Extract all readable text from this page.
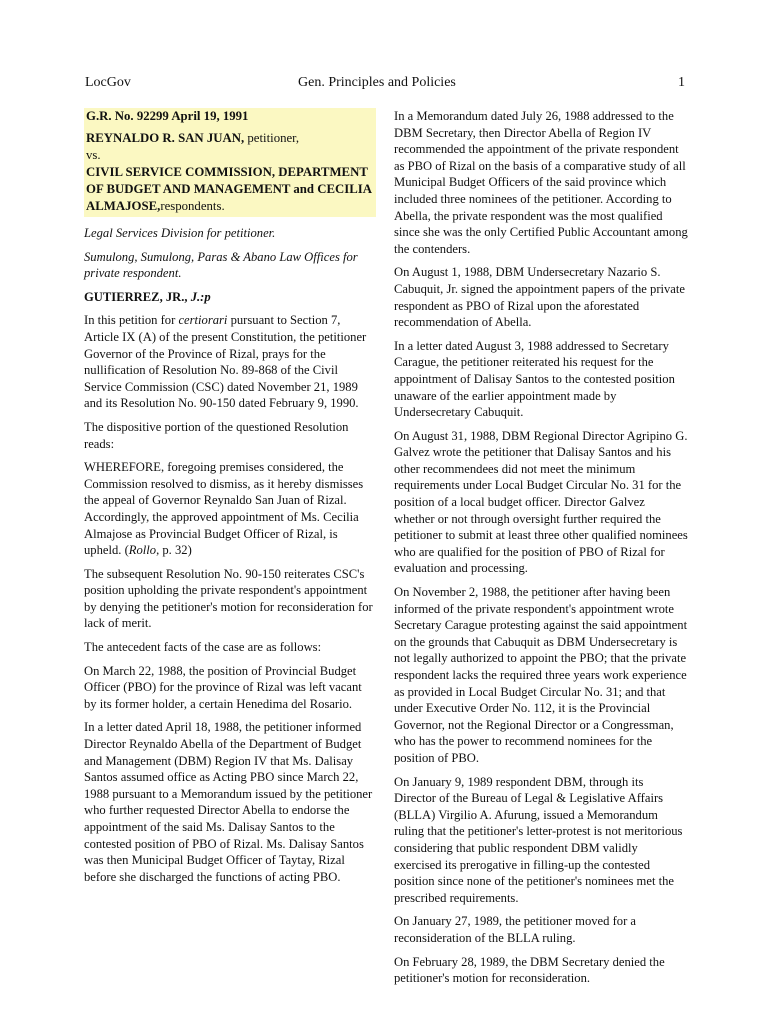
LocGov	Gen. Principles and Policies	1
G.R. No. 92299 April 19, 1991
REYNALDO R. SAN JUAN, petitioner,
vs.
CIVIL SERVICE COMMISSION, DEPARTMENT OF BUDGET AND MANAGEMENT and CECILIA ALMAJOSE,respondents.

Legal Services Division for petitioner.

Sumulong, Sumulong, Paras & Abano Law Offices for private respondent.

GUTIERREZ, JR., J.:p

In this petition for certiorari pursuant to Section 7, Article IX (A) of the present Constitution, the petitioner Governor of the Province of Rizal, prays for the nullification of Resolution No. 89-868 of the Civil Service Commission (CSC) dated November 21, 1989 and its Resolution No. 90-150 dated February 9, 1990.

The dispositive portion of the questioned Resolution reads:

WHEREFORE, foregoing premises considered, the Commission resolved to dismiss, as it hereby dismisses the appeal of Governor Reynaldo San Juan of Rizal. Accordingly, the approved appointment of Ms. Cecilia Almajose as Provincial Budget Officer of Rizal, is upheld. (Rollo, p. 32)

The subsequent Resolution No. 90-150 reiterates CSC's position upholding the private respondent's appointment by denying the petitioner's motion for reconsideration for lack of merit.

The antecedent facts of the case are as follows:

On March 22, 1988, the position of Provincial Budget Officer (PBO) for the province of Rizal was left vacant by its former holder, a certain Henedima del Rosario.

In a letter dated April 18, 1988, the petitioner informed Director Reynaldo Abella of the Department of Budget and Management (DBM) Region IV that Ms. Dalisay Santos assumed office as Acting PBO since March 22, 1988 pursuant to a Memorandum issued by the petitioner who further requested Director Abella to endorse the appointment of the said Ms. Dalisay Santos to the contested position of PBO of Rizal. Ms. Dalisay Santos was then Municipal Budget Officer of Taytay, Rizal before she discharged the functions of acting PBO.

In a Memorandum dated July 26, 1988 addressed to the DBM Secretary, then Director Abella of Region IV recommended the appointment of the private respondent as PBO of Rizal on the basis of a comparative study of all Municipal Budget Officers of the said province which included three nominees of the petitioner. According to Abella, the private respondent was the most qualified since she was the only Certified Public Accountant among the contenders.

On August 1, 1988, DBM Undersecretary Nazario S. Cabuquit, Jr. signed the appointment papers of the private respondent as PBO of Rizal upon the aforestated recommendation of Abella.

In a letter dated August 3, 1988 addressed to Secretary Carague, the petitioner reiterated his request for the appointment of Dalisay Santos to the contested position unaware of the earlier appointment made by Undersecretary Cabuquit.

On August 31, 1988, DBM Regional Director Agripino G. Galvez wrote the petitioner that Dalisay Santos and his other recommendees did not meet the minimum requirements under Local Budget Circular No. 31 for the position of a local budget officer. Director Galvez whether or not through oversight further required the petitioner to submit at least three other qualified nominees who are qualified for the position of PBO of Rizal for evaluation and processing.

On November 2, 1988, the petitioner after having been informed of the private respondent's appointment wrote Secretary Carague protesting against the said appointment on the grounds that Cabuquit as DBM Undersecretary is not legally authorized to appoint the PBO; that the private respondent lacks the required three years work experience as provided in Local Budget Circular No. 31; and that under Executive Order No. 112, it is the Provincial Governor, not the Regional Director or a Congressman, who has the power to recommend nominees for the position of PBO.

On January 9, 1989 respondent DBM, through its Director of the Bureau of Legal & Legislative Affairs (BLLA) Virgilio A. Afurung, issued a Memorandum ruling that the petitioner's letter-protest is not meritorious considering that public respondent DBM validly exercised its prerogative in filling-up the contested position since none of the petitioner's nominees met the prescribed requirements.

On January 27, 1989, the petitioner moved for a reconsideration of the BLLA ruling.

On February 28, 1989, the DBM Secretary denied the petitioner's motion for reconsideration.
